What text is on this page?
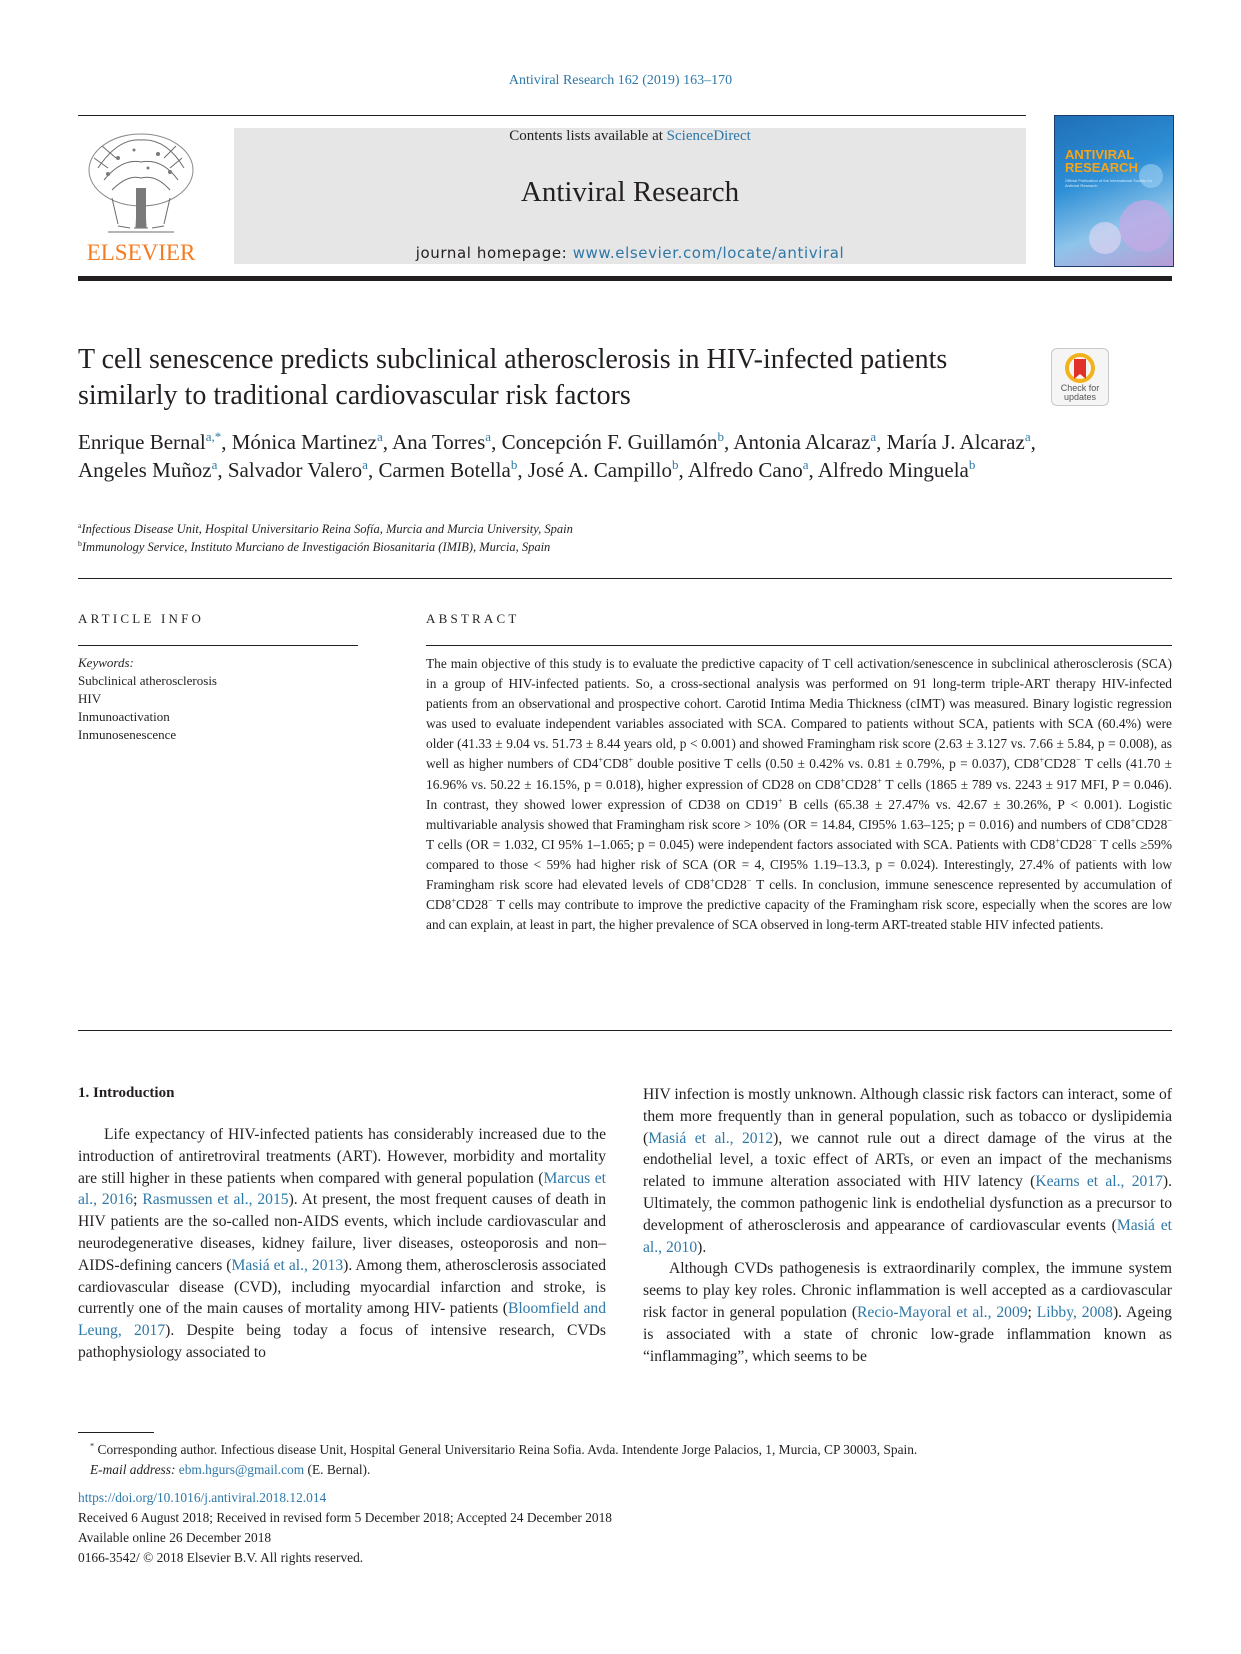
Antiviral Research 162 (2019) 163–170
ELSEVIER
Contents lists available at ScienceDirect
Antiviral Research
journal homepage: www.elsevier.com/locate/antiviral
ANTIVIRAL
RESEARCH
Official Publication of the International Society for Antiviral Research
T cell senescence predicts subclinical atherosclerosis in HIV-infected patients similarly to traditional cardiovascular risk factors	Check for updates
Enrique Bernal$^{a,*}$, Mónica Martinez$^a$, Ana Torres$^a$, Concepción F. Guillamón$^b$, Antonia Alcaraz$^a$, María J. Alcaraz$^a$, Angeles Muñoz$^a$, Salvador Valero$^a$, Carmen Botella$^b$, José A. Campillo$^b$, Alfredo Cano$^a$, Alfredo Minguela$^b$
$^a$Infectious Disease Unit, Hospital Universitario Reina Sofía, Murcia and Murcia University, Spain
$^b$Immunology Service, Instituto Murciano de Investigación Biosanitaria (IMIB), Murcia, Spain
ARTICLE INFO	ABSTRACT
Keywords:
Subclinical atherosclerosis
HIV
Inmunoactivation
Inmunosenescence
The main objective of this study is to evaluate the predictive capacity of T cell activation/senescence in subclinical atherosclerosis (SCA) in a group of HIV-infected patients. So, a cross-sectional analysis was performed on 91 long-term triple-ART therapy HIV-infected patients from an observational and prospective cohort. Carotid Intima Media Thickness (cIMT) was measured. Binary logistic regression was used to evaluate independent variables associated with SCA. Compared to patients without SCA, patients with SCA (60.4%) were older (41.33 ± 9.04 vs. 51.73 ± 8.44 years old, p < 0.001) and showed Framingham risk score (2.63 ± 3.127 vs. 7.66 ± 5.84, p = 0.008), as well as higher numbers of CD4+CD8+ double positive T cells (0.50 ± 0.42% vs. 0.81 ± 0.79%, p = 0.037), CD8+CD28− T cells (41.70 ± 16.96% vs. 50.22 ± 16.15%, p = 0.018), higher expression of CD28 on CD8+CD28+ T cells (1865 ± 789 vs. 2243 ± 917 MFI, P = 0.046). In contrast, they showed lower expression of CD38 on CD19+ B cells (65.38 ± 27.47% vs. 42.67 ± 30.26%, P < 0.001). Logistic multivariable analysis showed that Framingham risk score > 10% (OR = 14.84, CI95% 1.63–125; p = 0.016) and numbers of CD8+CD28− T cells (OR = 1.032, CI 95% 1–1.065; p = 0.045) were independent factors associated with SCA. Patients with CD8+CD28− T cells ≥59% compared to those < 59% had higher risk of SCA (OR = 4, CI95% 1.19–13.3, p = 0.024). Interestingly, 27.4% of patients with low Framingham risk score had elevated levels of CD8+CD28− T cells. In conclusion, immune senescence represented by accumulation of CD8+CD28− T cells may contribute to improve the predictive capacity of the Framingham risk score, especially when the scores are low and can explain, at least in part, the higher prevalence of SCA observed in long-term ART-treated stable HIV infected patients.
1. Introduction

Life expectancy of HIV-infected patients has considerably increased due to the introduction of antiretroviral treatments (ART). However, morbidity and mortality are still higher in these patients when compared with general population (Marcus et al., 2016; Rasmussen et al., 2015). At present, the most frequent causes of death in HIV patients are the so-called non-AIDS events, which include cardiovascular and neurodegenerative diseases, kidney failure, liver diseases, osteoporosis and non–AIDS-defining cancers (Masiá et al., 2013). Among them, atherosclerosis associated cardiovascular disease (CVD), including myocardial infarction and stroke, is currently one of the main causes of mortality among HIV- patients (Bloomfield and Leung, 2017). Despite being today a focus of intensive research, CVDs pathophysiology associated to

HIV infection is mostly unknown. Although classic risk factors can interact, some of them more frequently than in general population, such as tobacco or dyslipidemia (Masiá et al., 2012), we cannot rule out a direct damage of the virus at the endothelial level, a toxic effect of ARTs, or even an impact of the mechanisms related to immune alteration associated with HIV latency (Kearns et al., 2017). Ultimately, the common pathogenic link is endothelial dysfunction as a precursor to development of atherosclerosis and appearance of cardiovascular events (Masiá et al., 2010).

Although CVDs pathogenesis is extraordinarily complex, the immune system seems to play key roles. Chronic inflammation is well accepted as a cardiovascular risk factor in general population (Recio-Mayoral et al., 2009; Libby, 2008). Ageing is associated with a state of chronic low-grade inflammation known as “inflammaging”, which seems to be

* Corresponding author. Infectious disease Unit, Hospital General Universitario Reina Sofia. Avda. Intendente Jorge Palacios, 1, Murcia, CP 30003, Spain.
E-mail address: ebm.hgurs@gmail.com (E. Bernal).
https://doi.org/10.1016/j.antiviral.2018.12.014
Received 6 August 2018; Received in revised form 5 December 2018; Accepted 24 December 2018
Available online 26 December 2018
0166-3542/ © 2018 Elsevier B.V. All rights reserved.
